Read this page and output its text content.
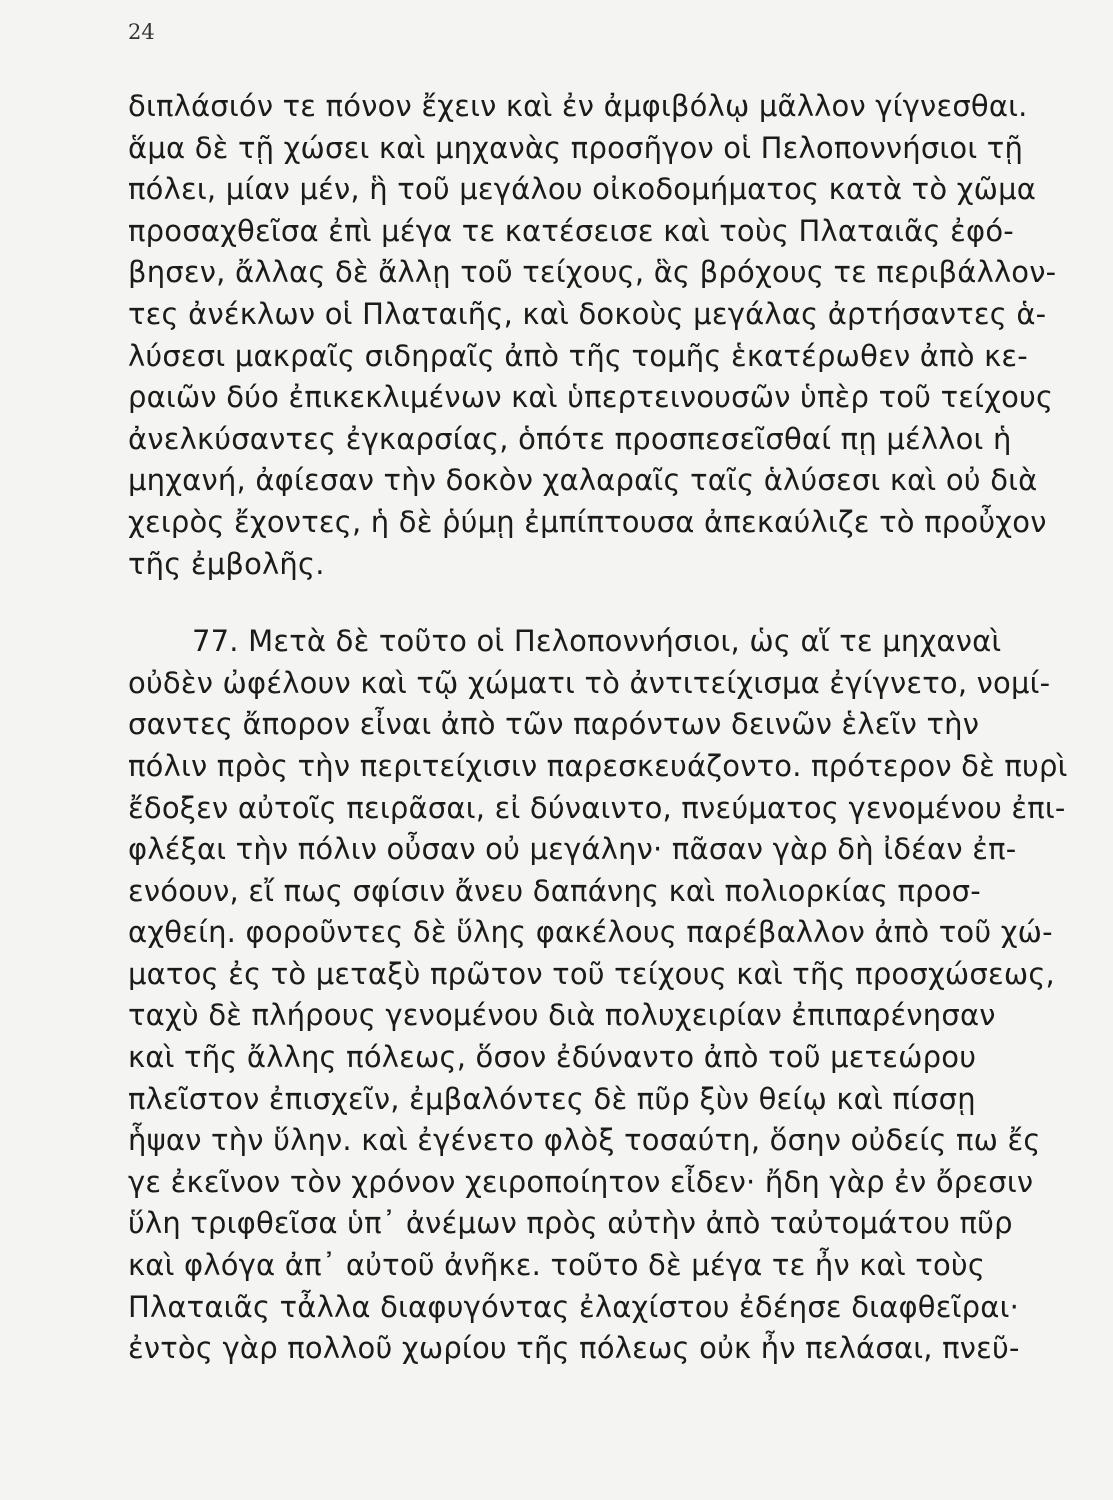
24
διπλάσιόν τε πόνον ἔχειν καὶ ἐν ἀμφιβόλῳ μᾶλλον γίγνεσθαι.
ἅμα δὲ τῇ χώσει καὶ μηχανὰς προσῆγον οἱ Πελοποννήσιοι τῇ
πόλει, μίαν μέν, ἣ τοῦ μεγάλου οἰκοδομήματος κατὰ τὸ χῶμα
προσαχθεῖσα ἐπὶ μέγα τε κατέσεισε καὶ τοὺς Πλαταιᾶς ἐφό-
βησεν, ἄλλας δὲ ἄλλῃ τοῦ τείχους, ἃς βρόχους τε περιβάλλον-
τες ἀνέκλων οἱ Πλαταιῆς, καὶ δοκοὺς μεγάλας ἀρτήσαντες ἁ-
λύσεσι μακραῖς σιδηραῖς ἀπὸ τῆς τομῆς ἑκατέρωθεν ἀπὸ κε-
ραιῶν δύο ἐπικεκλιμένων καὶ ὑπερτεινουσῶν ὑπὲρ τοῦ τείχους
ἀνελκύσαντες ἐγκαρσίας, ὁπότε προσπεσεῖσθαί πῃ μέλλοι ἡ
μηχανή, ἀφίεσαν τὴν δοκὸν χαλαραῖς ταῖς ἁλύσεσι καὶ οὐ διὰ
χειρὸς ἔχοντες, ἡ δὲ ῥύμῃ ἐμπίπτουσα ἀπεκαύλιζε τὸ προὖχον
τῆς ἐμβολῆς.
77. Μετὰ δὲ τοῦτο οἱ Πελοποννήσιοι, ὡς αἵ τε μηχαναὶ
οὐδὲν ὠφέλουν καὶ τῷ χώματι τὸ ἀντιτείχισμα ἐγίγνετο, νομί-
σαντες ἄπορον εἶναι ἀπὸ τῶν παρόντων δεινῶν ἑλεῖν τὴν
πόλιν πρὸς τὴν περιτείχισιν παρεσκευάζοντο. πρότερον δὲ πυρὶ
ἔδοξεν αὐτοῖς πειρᾶσαι, εἰ δύναιντο, πνεύματος γενομένου ἐπι-
φλέξαι τὴν πόλιν οὖσαν οὐ μεγάλην· πᾶσαν γὰρ δὴ ἰδέαν ἐπ-
ενόουν, εἴ πως σφίσιν ἄνευ δαπάνης καὶ πολιορκίας προσ-
αχθείη. φοροῦντες δὲ ὕλης φακέλους παρέβαλλον ἀπὸ τοῦ χώ-
ματος ἐς τὸ μεταξὺ πρῶτον τοῦ τείχους καὶ τῆς προσχώσεως,
ταχὺ δὲ πλήρους γενομένου διὰ πολυχειρίαν ἐπιπαρένησαν
καὶ τῆς ἄλλης πόλεως, ὅσον ἐδύναντο ἀπὸ τοῦ μετεώρου
πλεῖστον ἐπισχεῖν, ἐμβαλόντες δὲ πῦρ ξὺν θείῳ καὶ πίσσῃ
ἧψαν τὴν ὕλην. καὶ ἐγένετο φλὸξ τοσαύτη, ὅσην οὐδείς πω ἔς
γε ἐκεῖνον τὸν χρόνον χειροποίητον εἶδεν· ἤδη γὰρ ἐν ὄρεσιν
ὕλη τριφθεῖσα ὑπ᾽ ἀνέμων πρὸς αὐτὴν ἀπὸ ταὐτομάτου πῦρ
καὶ φλόγα ἀπ᾽ αὐτοῦ ἀνῆκε. τοῦτο δὲ μέγα τε ἦν καὶ τοὺς
Πλαταιᾶς τἆλλα διαφυγόντας ἐλαχίστου ἐδέησε διαφθεῖραι·
ἐντὸς γὰρ πολλοῦ χωρίου τῆς πόλεως οὐκ ἦν πελάσαι, πνεῦ-
